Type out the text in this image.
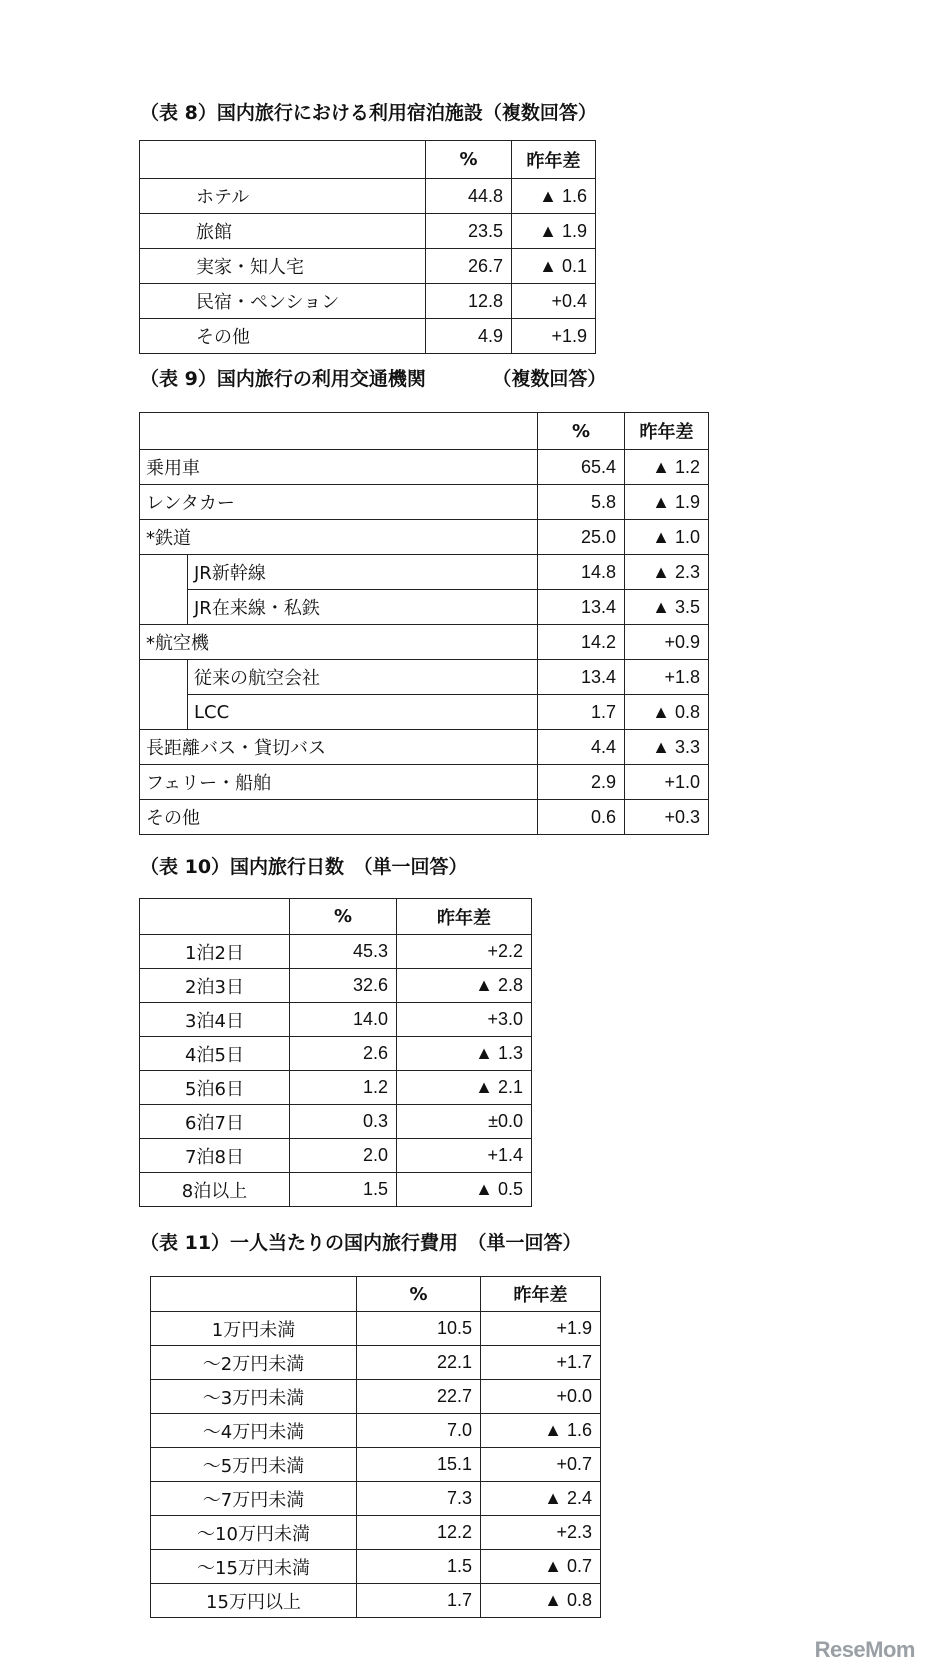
（表 8）国内旅行における利用宿泊施設（複数回答）
	%	昨年差
ホテル	44.8	▲ 1.6
旅館	23.5	▲ 1.9
実家・知人宅	26.7	▲ 0.1
民宿・ペンション	12.8	+0.4
その他	4.9	+1.9
（表 9）国内旅行の利用交通機関　　　　（複数回答）
		%	昨年差
乗用車		65.4	▲ 1.2
レンタカー		5.8	▲ 1.9
*鉄道		25.0	▲ 1.0
	JR新幹線	14.8	▲ 2.3
	JR在来線・私鉄	13.4	▲ 3.5
*航空機		14.2	+0.9
	従来の航空会社	13.4	+1.8
	LCC	1.7	▲ 0.8
長距離バス・貸切バス		4.4	▲ 3.3
フェリー・船舶		2.9	+1.0
その他		0.6	+0.3
（表 10）国内旅行日数　（単一回答）
	%	昨年差
1泊2日	45.3	+2.2
2泊3日	32.6	▲ 2.8
3泊4日	14.0	+3.0
4泊5日	2.6	▲ 1.3
5泊6日	1.2	▲ 2.1
6泊7日	0.3	±0.0
7泊8日	2.0	+1.4
8泊以上	1.5	▲ 0.5
（表 11）一人当たりの国内旅行費用　（単一回答）
	%	昨年差
1万円未満	10.5	+1.9
～2万円未満	22.1	+1.7
～3万円未満	22.7	+0.0
～4万円未満	7.0	▲ 1.6
～5万円未満	15.1	+0.7
～7万円未満	7.3	▲ 2.4
～10万円未満	12.2	+2.3
～15万円未満	1.5	▲ 0.7
15万円以上	1.7	▲ 0.8
ReseMom
